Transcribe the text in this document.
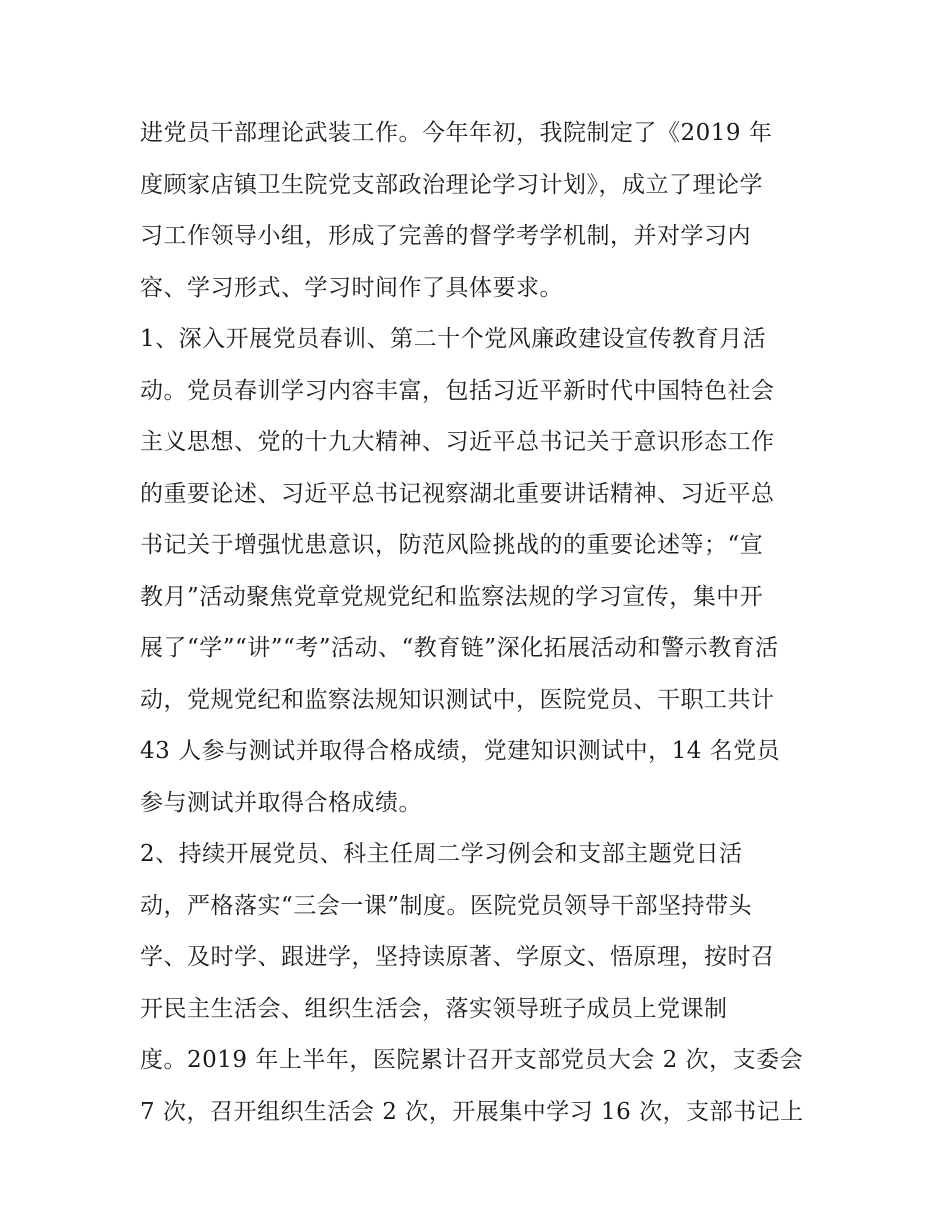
进党员干部理论武装工作。今年年初，我院制定了《2019 年
度顾家店镇卫生院党支部政治理论学习计划》，成立了理论学
习工作领导小组，形成了完善的督学考学机制，并对学习内
容、学习形式、学习时间作了具体要求。
1、深入开展党员春训、第二十个党风廉政建设宣传教育月活
动。党员春训学习内容丰富，包括习近平新时代中国特色社会
主义思想、党的十九大精神、习近平总书记关于意识形态工作
的重要论述、习近平总书记视察湖北重要讲话精神、习近平总
书记关于增强忧患意识，防范风险挑战的的重要论述等；“宣
教月”活动聚焦党章党规党纪和监察法规的学习宣传，集中开
展了“学”“讲”“考”活动、“教育链”深化拓展活动和警示教育活
动，党规党纪和监察法规知识测试中，医院党员、干职工共计
43 人参与测试并取得合格成绩，党建知识测试中，14 名党员
参与测试并取得合格成绩。
2、持续开展党员、科主任周二学习例会和支部主题党日活
动，严格落实“三会一课”制度。医院党员领导干部坚持带头
学、及时学、跟进学，坚持读原著、学原文、悟原理，按时召
开民主生活会、组织生活会，落实领导班子成员上党课制
度。2019 年上半年，医院累计召开支部党员大会 2 次，支委会
7 次，召开组织生活会 2 次，开展集中学习 16 次，支部书记上
